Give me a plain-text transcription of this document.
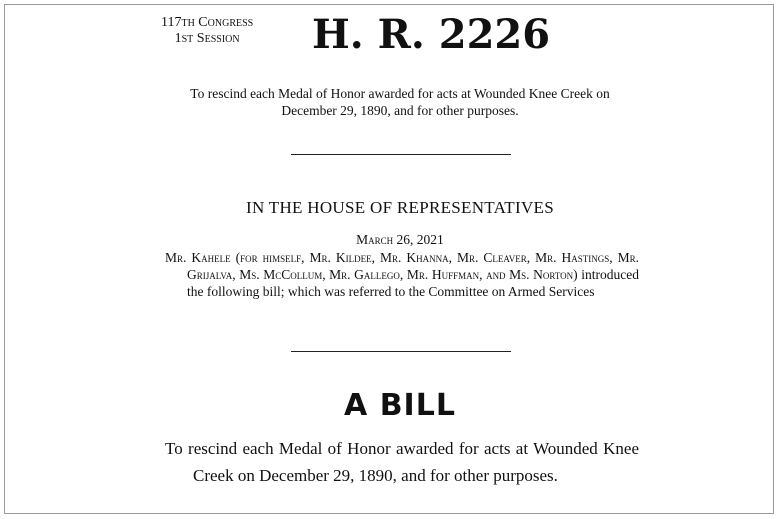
117th Congress
1st Session	H. R. 2226
To rescind each Medal of Honor awarded for acts at Wounded Knee Creek on December 29, 1890, and for other purposes.
IN THE HOUSE OF REPRESENTATIVES
March 26, 2021
Mr. Kahele (for himself, Mr. Kildee, Mr. Khanna, Mr. Cleaver, Mr. Hastings, Mr. Grijalva, Ms. McCollum, Mr. Gallego, Mr. Huffman, and Ms. Norton) introduced the following bill; which was referred to the Committee on Armed Services
A BILL
To rescind each Medal of Honor awarded for acts at Wounded Knee Creek on December 29, 1890, and for other purposes.
